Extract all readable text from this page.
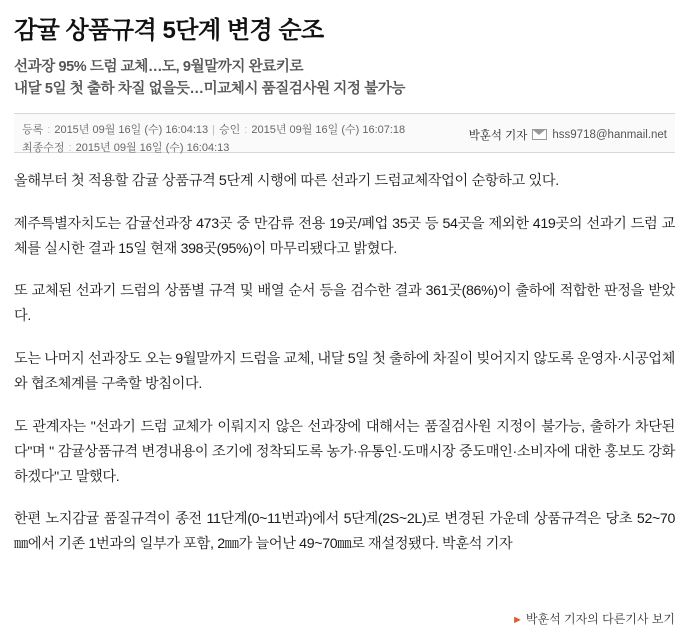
감귤 상품규격 5단계 변경 순조
선과장 95% 드럼 교체…도, 9월말까지 완료키로
내달 5일 첫 출하 차질 없을듯…미교체시 품질검사원 지정 불가능
등록 : 2015년 09월 16일 (수) 16:04:13 | 승인 : 2015년 09월 16일 (수) 16:07:18
최종수정 : 2015년 09월 16일 (수) 16:04:13
박훈석 기자 hss9718@hanmail.net

올해부터 첫 적용할 감귤 상품규격 5단계 시행에 따른 선과기 드럼교체작업이 순항하고 있다.

제주특별자치도는 감귤선과장 473곳 중 만감류 전용 19곳/폐업 35곳 등 54곳을 제외한 419곳의 선과기 드럼 교체를 실시한 결과 15일 현재 398곳(95%)이 마무리됐다고 밝혔다.

또 교체된 선과기 드럼의 상품별 규격 및 배열 순서 등을 검수한 결과 361곳(86%)이 출하에 적합한 판정을 받았다.

도는 나머지 선과장도 오는 9월말까지 드럼을 교체, 내달 5일 첫 출하에 차질이 빚어지지 않도록 운영자·시공업체와 협조체계를 구축할 방침이다.

도 관계자는 "선과기 드럼 교체가 이뤄지지 않은 선과장에 대해서는 품질검사원 지정이 불가능, 출하가 차단된다"며 " 감귤상품규격 변경내용이 조기에 정착되도록 농가·유통인·도매시장 중도매인·소비자에 대한 홍보도 강화하겠다"고 말했다.

한편 노지감귤 품질규격이 종전 11단계(0~11번과)에서 5단계(2S~2L)로 변경된 가운데 상품규격은 당초 52~70㎜에서 기존 1번과의 일부가 포함, 2㎜가 늘어난 49~70㎜로 재설정됐다. 박훈석 기자

► 박훈석 기자의 다른기사 보기
